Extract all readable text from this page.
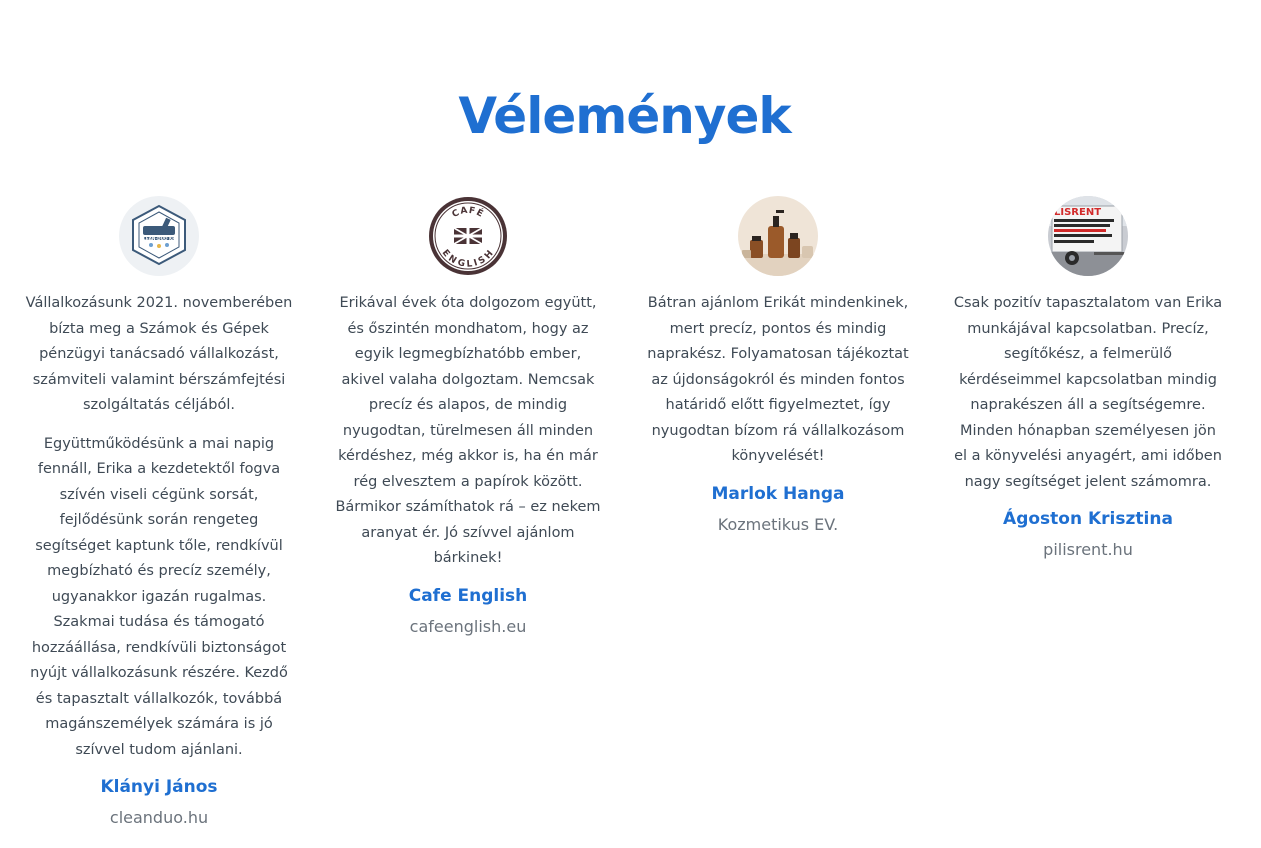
Vélemények
CLEAN-DUO KFT

Vállalkozásunk 2021. novemberében bízta meg a Számok és Gépek pénzügyi tanácsadó vállalkozást, számviteli valamint bérszámfejtési szolgáltatás céljából.

Együttműködésünk a mai napig fennáll, Erika a kezdetektől fogva szívén viseli cégünk sorsát, fejlődésünk során rengeteg segítséget kaptunk tőle, rendkívül megbízható és precíz személy, ugyanakkor igazán rugalmas. Szakmai tudása és támogató hozzáállása, rendkívüli biztonságot nyújt vállalkozásunk részére. Kezdő és tapasztalt vállalkozók, továbbá magánszemélyek számára is jó szívvel tudom ajánlani.

Klányi János
cleanduo.hu
CAFÉ
ENGLISH

Erikával évek óta dolgozom együtt, és őszintén mondhatom, hogy az egyik legmegbízhatóbb ember, akivel valaha dolgoztam. Nemcsak precíz és alapos, de mindig nyugodtan, türelmesen áll minden kérdéshez, még akkor is, ha én már rég elvesztem a papírok között. Bármikor számíthatok rá – ez nekem aranyat ér. Jó szívvel ajánlom bárkinek!

Cafe English
cafeenglish.eu

Bátran ajánlom Erikát mindenkinek, mert precíz, pontos és mindig naprakész. Folyamatosan tájékoztat az újdonságokról és minden fontos határidő előtt figyelmeztet, így nyugodtan bízom rá vállalkozásom könyvelését!

Marlok Hanga
Kozmetikus EV.
LISRENT

Csak pozitív tapasztalatom van Erika munkájával kapcsolatban. Precíz, segítőkész, a felmerülő kérdéseimmel kapcsolatban mindig naprakészen áll a segítségemre. Minden hónapban személyesen jön el a könyvelési anyagért, ami időben nagy segítséget jelent számomra.

Ágoston Krisztina
pilisrent.hu
